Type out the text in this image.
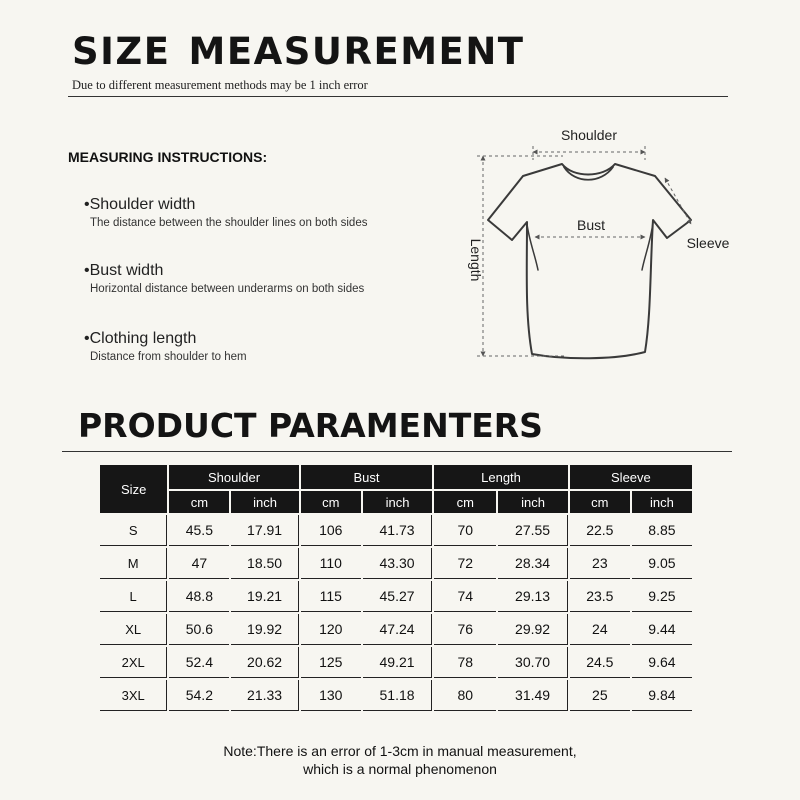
SIZE MEASUREMENT
Due to different measurement methods may be 1 inch error
MEASURING INSTRUCTIONS:
•Shoulder width
The distance between the shoulder lines on both sides
•Bust width
Horizontal distance between underarms on both sides
•Clothing length
Distance from shoulder to hem
Shoulder
Bust
Sleeve
Length
PRODUCT PARAMENTERS
Size	Shoulder		Bust		Length		Sleeve	
	cm	inch	cm	inch	cm	inch	cm	inch
S	45.5	17.91	106	41.73	70	27.55	22.5	8.85
M	47	18.50	110	43.30	72	28.34	23	9.05
L	48.8	19.21	115	45.27	74	29.13	23.5	9.25
XL	50.6	19.92	120	47.24	76	29.92	24	9.44
2XL	52.4	20.62	125	49.21	78	30.70	24.5	9.64
3XL	54.2	21.33	130	51.18	80	31.49	25	9.84
Note:There is an error of 1-3cm in manual measurement,
which is a normal phenomenon
